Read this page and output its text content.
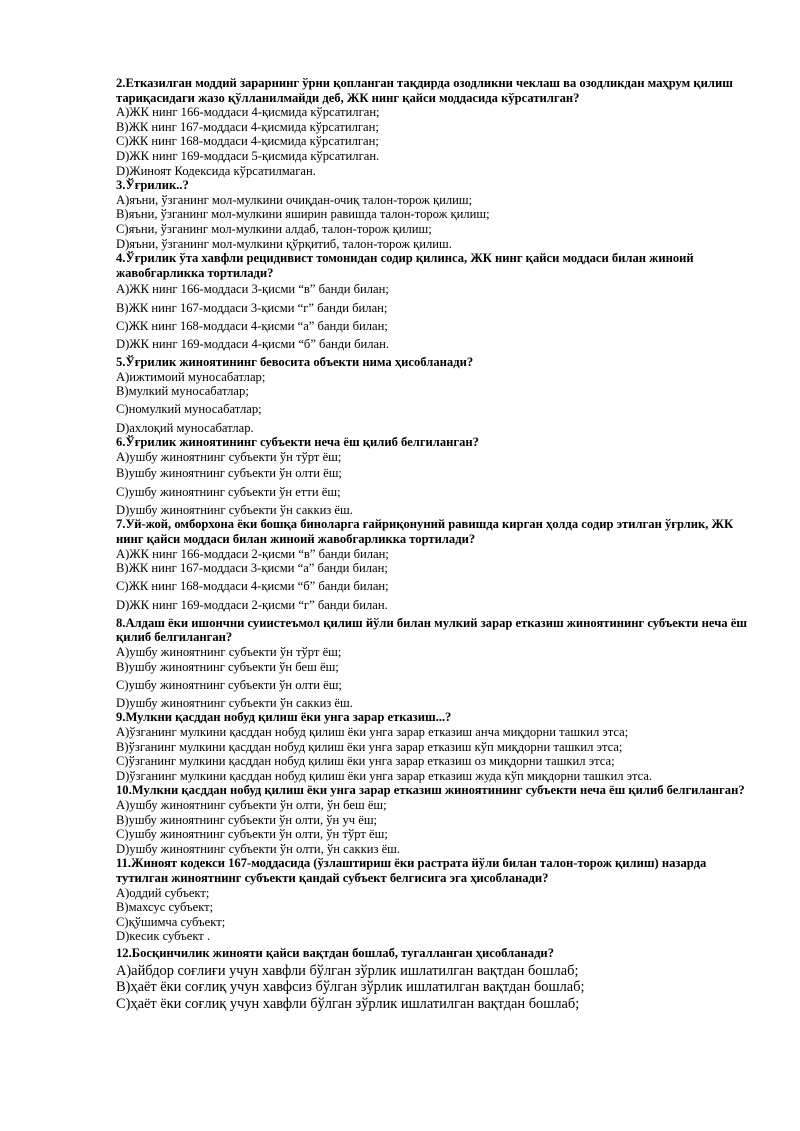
2.Етказилган моддий зарарнинг ўрни қопланган тақдирда озодликни чеклаш ва озодликдан маҳрум қилиш тариқасидаги жазо қўлланилмайди деб, ЖК нинг қайси моддасида кўрсатилган?
А)ЖК нинг 166-моддаси 4-қисмида кўрсатилган;
В)ЖК нинг 167-моддаси 4-қисмида кўрсатилган;
С)ЖК нинг 168-моддаси 4-қисмида кўрсатилган;
D)ЖК нинг 169-моддаси 5-қисмида кўрсатилган.
D)Жиноят Кодексида кўрсатилмаган.
3.Ўғрилик..?
А)яъни, ўзганинг мол-мулкини очиқдан-очиқ талон-торож қилиш;
В)яъни, ўзганинг мол-мулкини яширин равишда талон-торож қилиш;
С)яъни, ўзганинг мол-мулкини алдаб, талон-торож қилиш;
D)яъни, ўзганинг мол-мулкини қўрқитиб, талон-торож қилиш.
4.Ўғрилик ўта хавфли рецидивист томонидан содир қилинса, ЖК нинг қайси моддаси билан жиноий жавобгарликка тортилади?
А)ЖК нинг 166-моддаси 3-қисми “в” банди билан;
В)ЖК нинг 167-моддаси 3-қисми “г” банди билан;
С)ЖК нинг 168-моддаси 4-қисми “а” банди билан;
D)ЖК нинг 169-моддаси 4-қисми “б” банди билан.
5.Ўғрилик жиноятининг бевосита объекти нима ҳисобланади?
А)ижтимоий муносабатлар;
В)мулкий муносабатлар;
С)номулкий муносабатлар;
D)ахлоқий муносабатлар.
6.Ўғрилик жиноятининг субъекти неча ёш қилиб белгиланган?
А)ушбу жиноятнинг субъекти ўн тўрт ёш;
В)ушбу жиноятнинг субъекти ўн олти ёш;
С)ушбу жиноятнинг субъекти ўн етти ёш;
D)ушбу жиноятнинг субъекти ўн саккиз ёш.
7.Уй-жой, омборхона ёки бошқа биноларга ғайриқонуний равишда кирган ҳолда содир этилган ўғрлик, ЖК нинг қайси моддаси билан жиноий жавобгарликка тортилади?
А)ЖК нинг 166-моддаси 2-қисми “в” банди билан;
В)ЖК нинг 167-моддаси 3-қисми “а” банди билан;
С)ЖК нинг 168-моддаси 4-қисми “б” банди билан;
D)ЖК нинг 169-моддаси 2-қисми “г” банди билан.
8.Алдаш ёки ишончни суиистеъмол қилиш йўли билан мулкий зарар етказиш жиноятининг субъекти неча ёш қилиб белгиланган?
А)ушбу жиноятнинг субъекти ўн тўрт ёш;
В)ушбу жиноятнинг субъекти ўн беш ёш;
С)ушбу жиноятнинг субъекти ўн олти ёш;
D)ушбу жиноятнинг субъекти ўн саккиз ёш.
9.Мулкни қасддан нобуд қилиш ёки унга зарар етказиш...?
А)ўзганинг мулкини қасддан нобуд қилиш ёки унга зарар етказиш анча миқдорни ташкил этса;
В)ўзганинг мулкини қасддан нобуд қилиш ёки унга зарар етказиш кўп миқдорни ташкил этса;
С)ўзганинг мулкини қасддан нобуд қилиш ёки унга зарар етказиш оз миқдорни ташкил этса;
D)ўзганинг мулкини қасддан нобуд қилиш ёки унга зарар етказиш жуда кўп миқдорни ташкил этса.
10.Мулкни қасддан нобуд қилиш ёки унга зарар етказиш жиноятининг субъекти неча ёш қилиб белгиланган?
А)ушбу жиноятнинг субъекти ўн олти, ўн беш ёш;
В)ушбу жиноятнинг субъекти ўн олти, ўн уч ёш;
С)ушбу жиноятнинг субъекти ўн олти, ўн тўрт ёш;
D)ушбу жиноятнинг субъекти ўн олти, ўн саккиз ёш.
11.Жиноят кодекси 167-моддасида (ўзлаштириш ёки растрата йўли билан талон-торож қилиш) назарда тутилган жиноятнинг субъекти қандай субъект белгисига эга ҳисобланади?
А)оддий субъект;
В)махсус субъект;
С)қўшимча субъект;
D)кесик субъект .
12.Босқинчилик жинояти қайси вақтдан бошлаб, тугалланган ҳисобланади?
А)айбдор соғлиғи учун хавфли бўлган зўрлик ишлатилган вақтдан бошлаб;
В)ҳаёт ёки соғлиқ учун хавфсиз бўлган зўрлик ишлатилган вақтдан бошлаб;
С)ҳаёт ёки соғлиқ учун хавфли бўлган зўрлик ишлатилган вақтдан бошлаб;
